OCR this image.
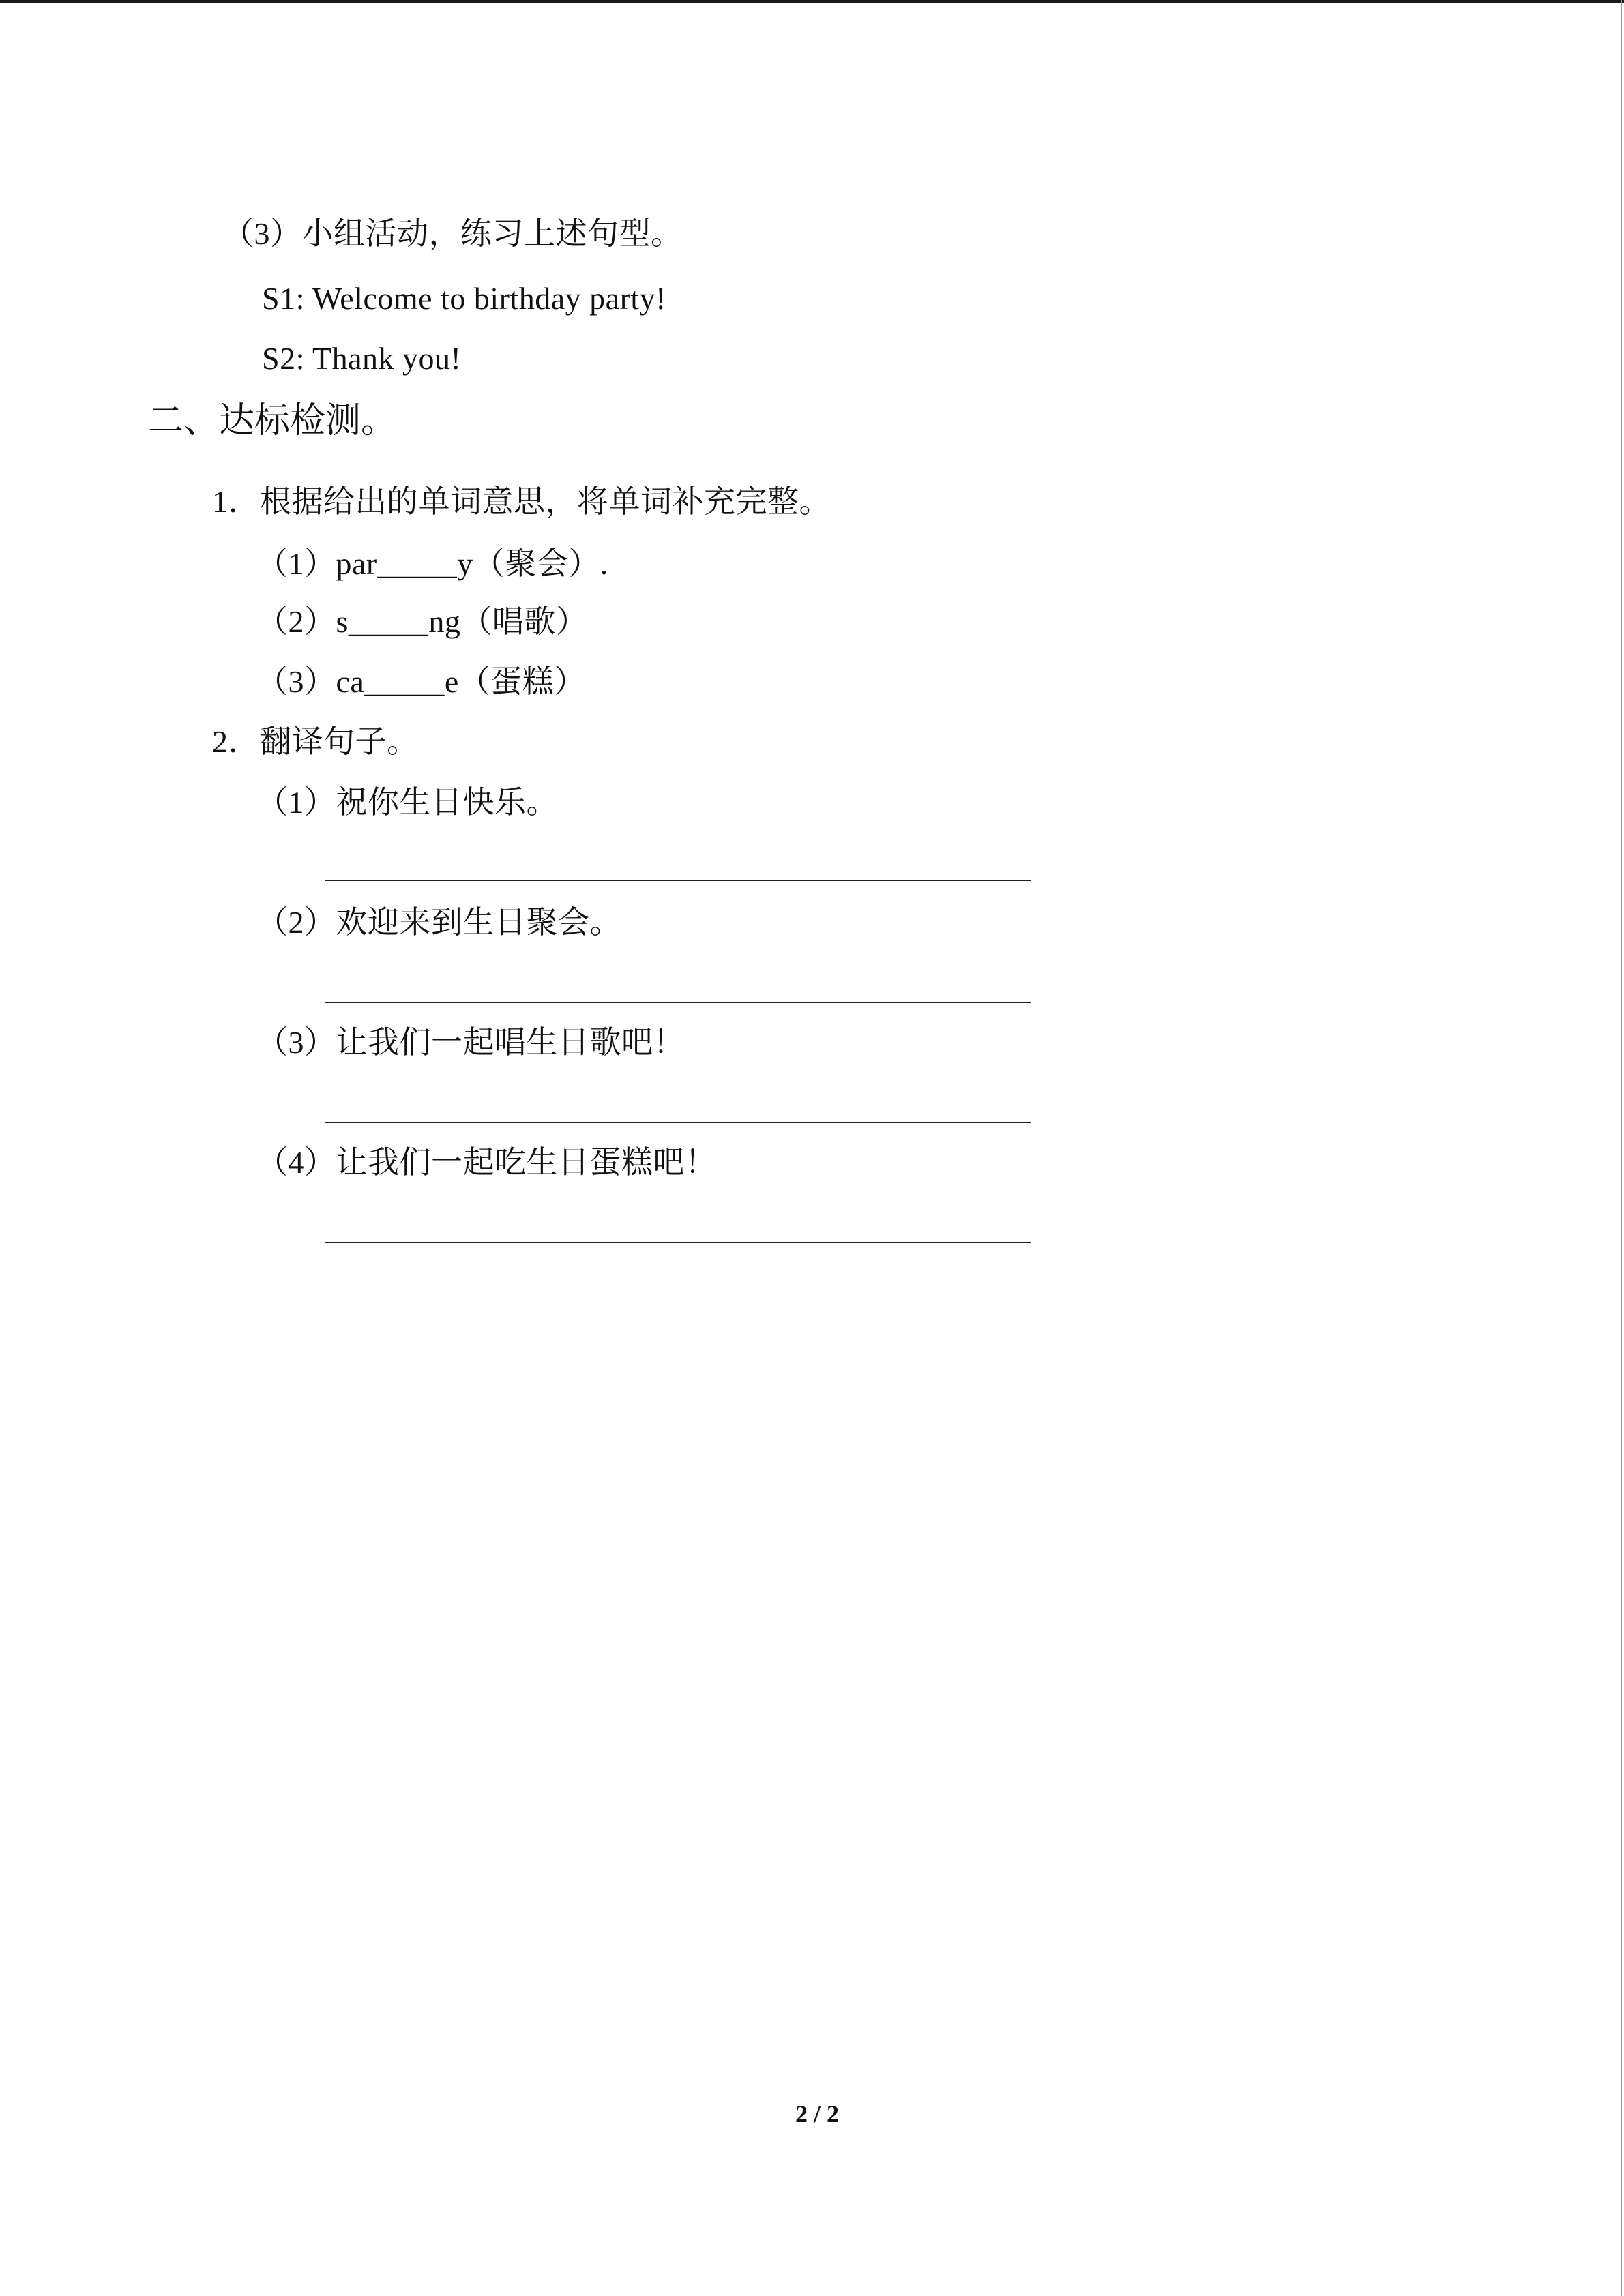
（3）小组活动，练习上述句型。
S1: Welcome to birthday party!
S2: Thank you!
二、达标检测。
1．根据给出的单词意思，将单词补充完整。
（1）par_____y（聚会）.
（2）s_____ng（唱歌）
（3）ca_____e（蛋糕）
2．翻译句子。
（1）祝你生日快乐。
（2）欢迎来到生日聚会。
（3）让我们一起唱生日歌吧！
（4）让我们一起吃生日蛋糕吧！
2 / 2
